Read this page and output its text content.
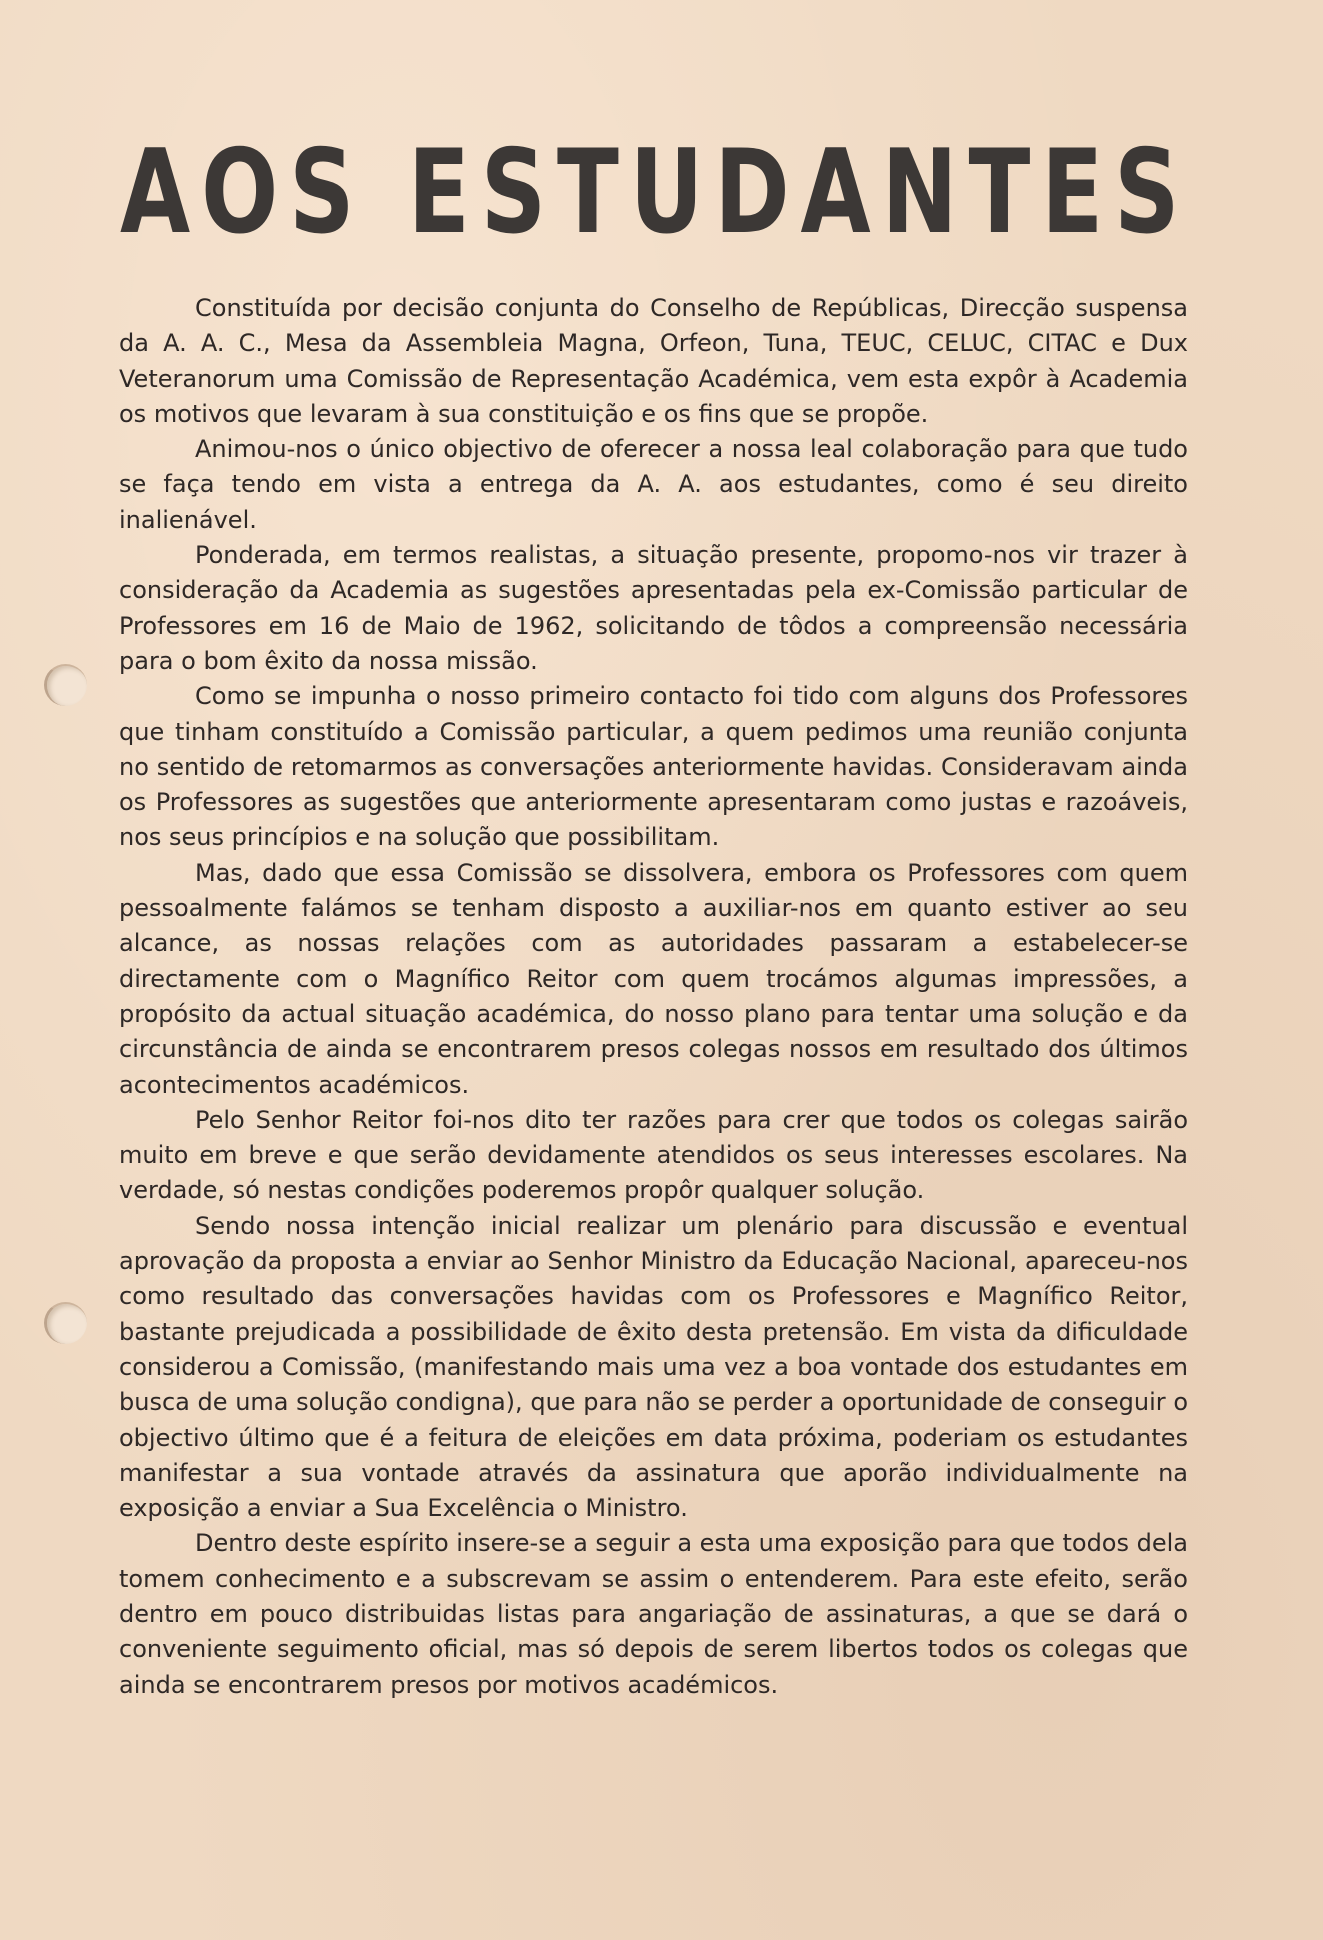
AOS ESTUDANTES

Constituída por decisão conjunta do Conselho de Repúblicas, Direcção suspensa da A. A. C., Mesa da Assembleia Magna, Orfeon, Tuna, TEUC, CELUC, CITAC e Dux Veteranorum uma Comissão de Representação Académica, vem esta expôr à Academia os motivos que levaram à sua constituição e os fins que se propõe.

Animou-nos o único objectivo de oferecer a nossa leal colaboração para que tudo se faça tendo em vista a entrega da A. A. aos estudantes, como é seu direito inalienável.

Ponderada, em termos realistas, a situação presente, propomo-nos vir trazer à consideração da Academia as sugestões apresentadas pela ex-Comissão particular de Professores em 16 de Maio de 1962, solicitando de tôdos a compreensão necessária para o bom êxito da nossa missão.

Como se impunha o nosso primeiro contacto foi tido com alguns dos Professores que tinham constituído a Comissão particular, a quem pedimos uma reunião conjunta no sentido de retomarmos as conversações anteriormente havidas. Consideravam ainda os Professores as sugestões que anteriormente apresentaram como justas e razoáveis, nos seus princípios e na solução que possibilitam.

Mas, dado que essa Comissão se dissolvera, embora os Professores com quem pessoalmente falámos se tenham disposto a auxiliar-nos em quanto estiver ao seu alcance, as nossas relações com as autoridades passaram a estabelecer-se directamente com o Magnífico Reitor com quem trocámos algumas impressões, a propósito da actual situação académica, do nosso plano para tentar uma solução e da circunstância de ainda se encontrarem presos colegas nossos em resultado dos últimos acontecimentos académicos.

Pelo Senhor Reitor foi-nos dito ter razões para crer que todos os colegas sairão muito em breve e que serão devidamente atendidos os seus interesses escolares. Na verdade, só nestas condições poderemos propôr qualquer solução.

Sendo nossa intenção inicial realizar um plenário para discussão e eventual aprovação da proposta a enviar ao Senhor Ministro da Educação Nacional, apareceu-nos como resultado das conversações havidas com os Professores e Magnífico Reitor, bastante prejudicada a possibilidade de êxito desta pretensão. Em vista da dificuldade considerou a Comissão, (manifestando mais uma vez a boa vontade dos estudantes em busca de uma solução condigna), que para não se perder a oportunidade de conseguir o objectivo último que é a feitura de eleições em data próxima, poderiam os estudantes manifestar a sua vontade através da assinatura que aporão individualmente na exposição a enviar a Sua Excelência o Ministro.

Dentro deste espírito insere-se a seguir a esta uma exposição para que todos dela tomem conhecimento e a subscrevam se assim o entenderem. Para este efeito, serão dentro em pouco distribuidas listas para angariação de assinaturas, a que se dará o conveniente seguimento oficial, mas só depois de serem libertos todos os colegas que ainda se encontrarem presos por motivos académicos.
